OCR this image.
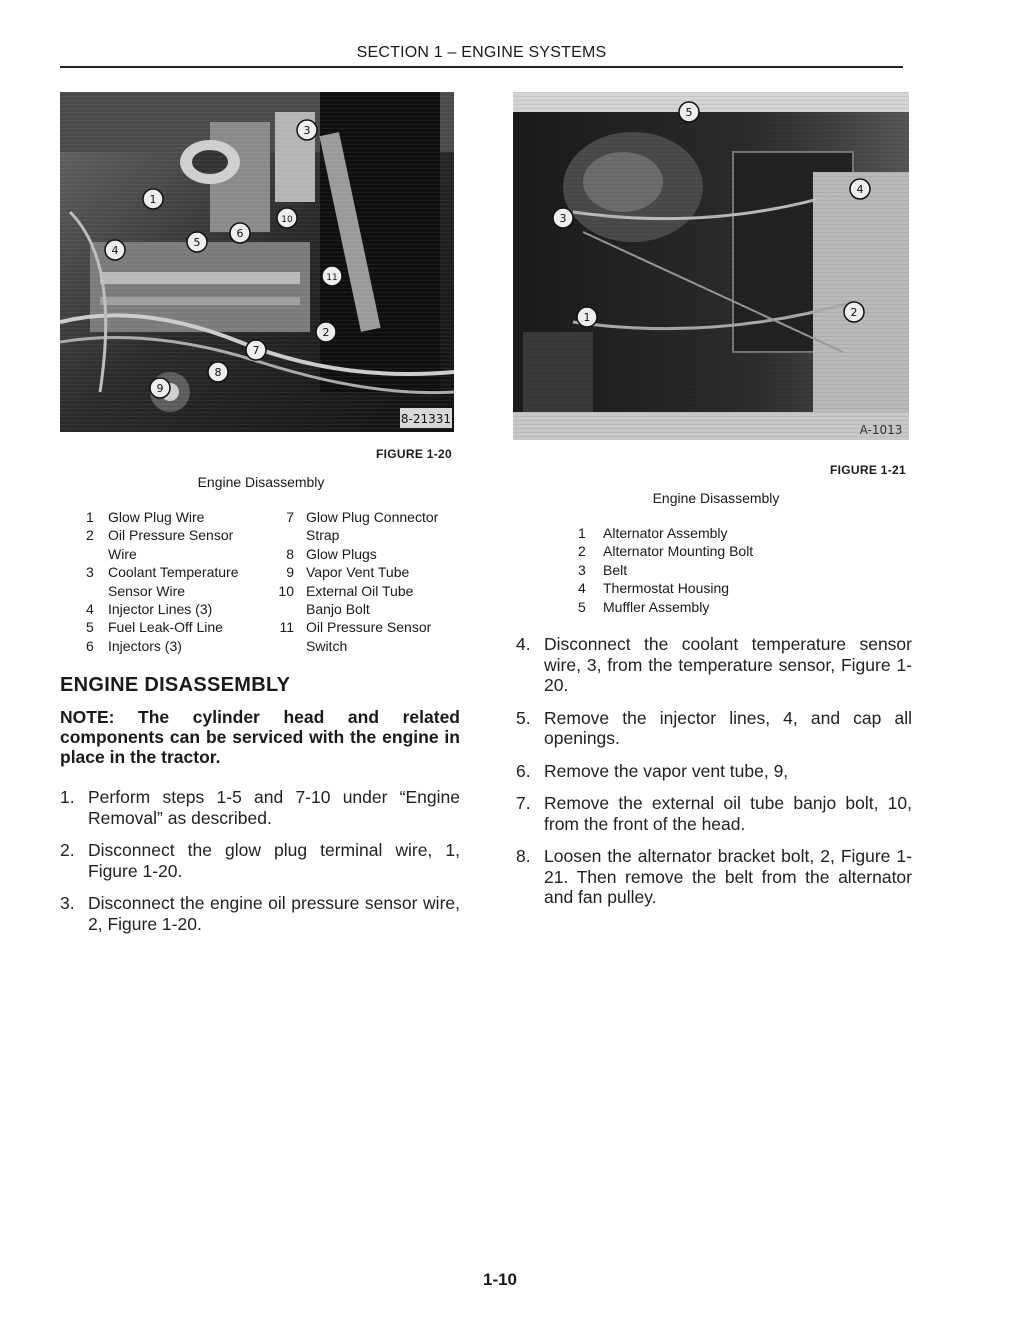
SECTION 1 – ENGINE SYSTEMS
1
2
3
4
5
6
7
8
9
10
11
8-21331
FIGURE 1-20
Engine Disassembly
1 Glow Plug Wire
2 Oil Pressure Sensor
Wire
3 Coolant Temperature
Sensor Wire
4 Injector Lines (3)
5 Fuel Leak-Off Line
6 Injectors (3)
7 Glow Plug Connector
Strap
8 Glow Plugs
9 Vapor Vent Tube
10 External Oil Tube
Banjo Bolt
11 Oil Pressure Sensor
Switch
ENGINE DISASSEMBLY
NOTE: The cylinder head and related components can be serviced with the engine in place in the tractor.
1. Perform steps 1-5 and 7-10 under “Engine Removal” as described.
2. Disconnect the glow plug terminal wire, 1, Figure 1-20.
3. Disconnect the engine oil pressure sensor wire, 2, Figure 1-20.
1	2
3
4
5
A-1013
FIGURE 1-21
Engine Disassembly
1 Alternator Assembly
2 Alternator Mounting Bolt
3 Belt
4 Thermostat Housing
5 Muffler Assembly
4. Disconnect the coolant temperature sensor wire, 3, from the temperature sensor, Figure 1-20.
5. Remove the injector lines, 4, and cap all openings.
6. Remove the vapor vent tube, 9,
7. Remove the external oil tube banjo bolt, 10, from the front of the head.
8. Loosen the alternator bracket bolt, 2, Figure 1-21. Then remove the belt from the alternator and fan pulley.
1-10
